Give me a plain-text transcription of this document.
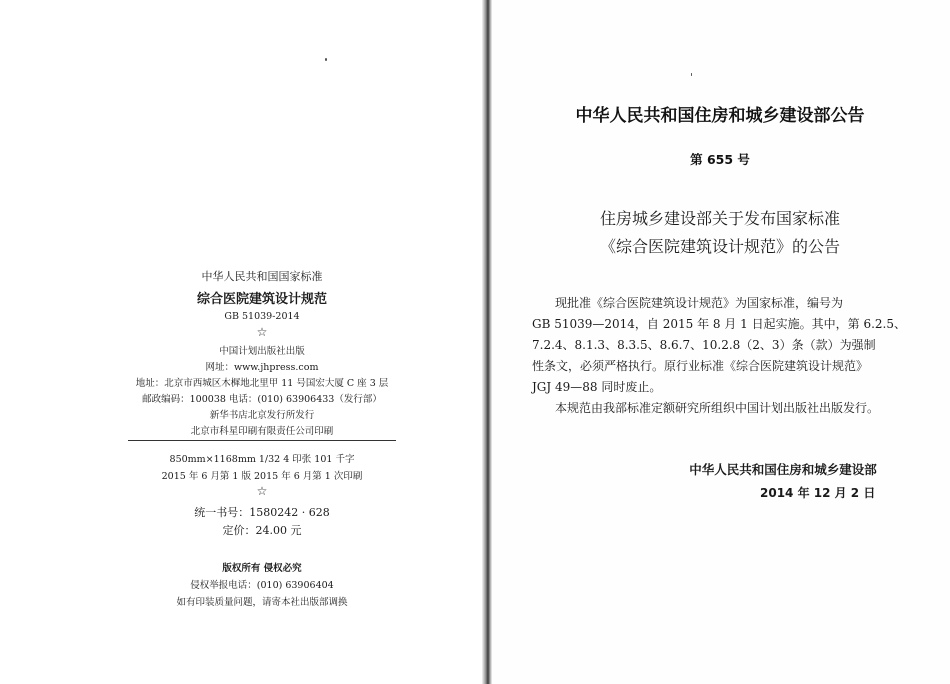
中华人民共和国国家标准
综合医院建筑设计规范
GB 51039-2014
☆
中国计划出版社出版
网址：www.jhpress.com
地址：北京市西城区木樨地北里甲 11 号国宏大厦 C 座 3 层
邮政编码：100038 电话：(010) 63906433（发行部）
新华书店北京发行所发行
北京市科星印刷有限责任公司印刷
850mm×1168mm 1/32 4 印张 101 千字
2015 年 6 月第 1 版 2015 年 6 月第 1 次印刷
☆
统一书号：1580242 · 628
定价：24.00 元
版权所有 侵权必究
侵权举报电话：(010) 63906404
如有印装质量问题，请寄本社出版部调换
中华人民共和国住房和城乡建设部公告
第 655 号
住房城乡建设部关于发布国家标准
《综合医院建筑设计规范》的公告
现批准《综合医院建筑设计规范》为国家标准，编号为
GB 51039—2014，自 2015 年 8 月 1 日起实施。其中，第 6.2.5、
7.2.4、8.1.3、8.3.5、8.6.7、10.2.8（2、3）条（款）为强制
性条文，必须严格执行。原行业标准《综合医院建筑设计规范》
JGJ 49—88 同时废止。
本规范由我部标准定额研究所组织中国计划出版社出版发行。
中华人民共和国住房和城乡建设部
2014 年 12 月 2 日
